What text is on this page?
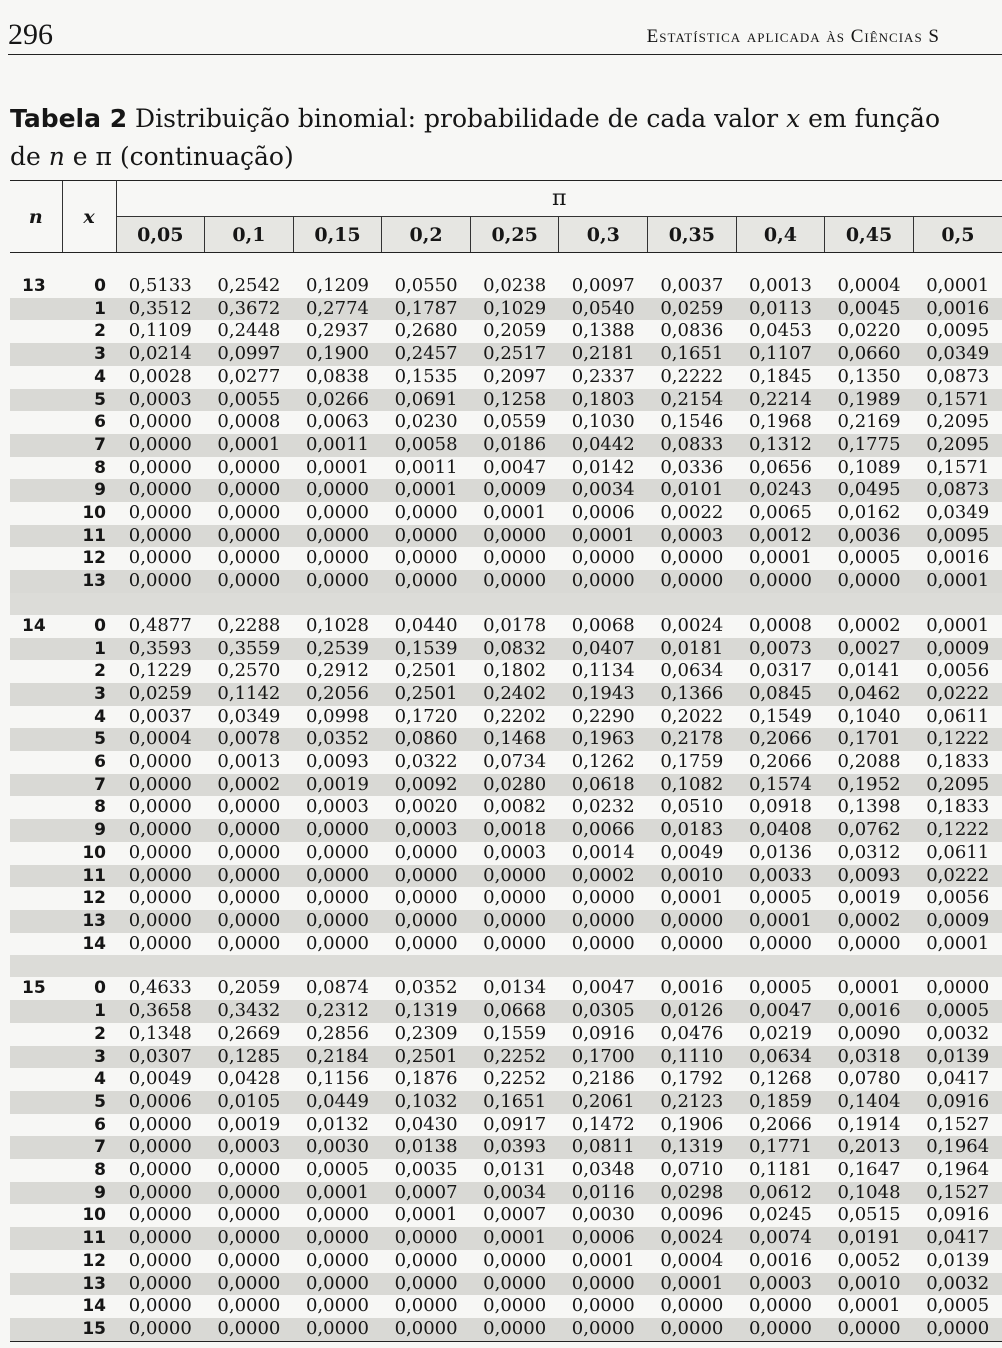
296	Estatística aplicada às Ciências S
Tabela 2 Distribuição binomial: probabilidade de cada valor x em função
de n e π (continuação)
n	x	π									
		0,05	0,1	0,15	0,2	0,25	0,3	0,35	0,4	0,45	0,5

13	0	0,5133	0,2542	0,1209	0,0550	0,0238	0,0097	0,0037	0,0013	0,0004	0,0001
	1	0,3512	0,3672	0,2774	0,1787	0,1029	0,0540	0,0259	0,0113	0,0045	0,0016
	2	0,1109	0,2448	0,2937	0,2680	0,2059	0,1388	0,0836	0,0453	0,0220	0,0095
	3	0,0214	0,0997	0,1900	0,2457	0,2517	0,2181	0,1651	0,1107	0,0660	0,0349
	4	0,0028	0,0277	0,0838	0,1535	0,2097	0,2337	0,2222	0,1845	0,1350	0,0873
	5	0,0003	0,0055	0,0266	0,0691	0,1258	0,1803	0,2154	0,2214	0,1989	0,1571
	6	0,0000	0,0008	0,0063	0,0230	0,0559	0,1030	0,1546	0,1968	0,2169	0,2095
	7	0,0000	0,0001	0,0011	0,0058	0,0186	0,0442	0,0833	0,1312	0,1775	0,2095
	8	0,0000	0,0000	0,0001	0,0011	0,0047	0,0142	0,0336	0,0656	0,1089	0,1571
	9	0,0000	0,0000	0,0000	0,0001	0,0009	0,0034	0,0101	0,0243	0,0495	0,0873
	10	0,0000	0,0000	0,0000	0,0000	0,0001	0,0006	0,0022	0,0065	0,0162	0,0349
	11	0,0000	0,0000	0,0000	0,0000	0,0000	0,0001	0,0003	0,0012	0,0036	0,0095
	12	0,0000	0,0000	0,0000	0,0000	0,0000	0,0000	0,0000	0,0001	0,0005	0,0016
	13	0,0000	0,0000	0,0000	0,0000	0,0000	0,0000	0,0000	0,0000	0,0000	0,0001

14	0	0,4877	0,2288	0,1028	0,0440	0,0178	0,0068	0,0024	0,0008	0,0002	0,0001
	1	0,3593	0,3559	0,2539	0,1539	0,0832	0,0407	0,0181	0,0073	0,0027	0,0009
	2	0,1229	0,2570	0,2912	0,2501	0,1802	0,1134	0,0634	0,0317	0,0141	0,0056
	3	0,0259	0,1142	0,2056	0,2501	0,2402	0,1943	0,1366	0,0845	0,0462	0,0222
	4	0,0037	0,0349	0,0998	0,1720	0,2202	0,2290	0,2022	0,1549	0,1040	0,0611
	5	0,0004	0,0078	0,0352	0,0860	0,1468	0,1963	0,2178	0,2066	0,1701	0,1222
	6	0,0000	0,0013	0,0093	0,0322	0,0734	0,1262	0,1759	0,2066	0,2088	0,1833
	7	0,0000	0,0002	0,0019	0,0092	0,0280	0,0618	0,1082	0,1574	0,1952	0,2095
	8	0,0000	0,0000	0,0003	0,0020	0,0082	0,0232	0,0510	0,0918	0,1398	0,1833
	9	0,0000	0,0000	0,0000	0,0003	0,0018	0,0066	0,0183	0,0408	0,0762	0,1222
	10	0,0000	0,0000	0,0000	0,0000	0,0003	0,0014	0,0049	0,0136	0,0312	0,0611
	11	0,0000	0,0000	0,0000	0,0000	0,0000	0,0002	0,0010	0,0033	0,0093	0,0222
	12	0,0000	0,0000	0,0000	0,0000	0,0000	0,0000	0,0001	0,0005	0,0019	0,0056
	13	0,0000	0,0000	0,0000	0,0000	0,0000	0,0000	0,0000	0,0001	0,0002	0,0009
	14	0,0000	0,0000	0,0000	0,0000	0,0000	0,0000	0,0000	0,0000	0,0000	0,0001

15	0	0,4633	0,2059	0,0874	0,0352	0,0134	0,0047	0,0016	0,0005	0,0001	0,0000
	1	0,3658	0,3432	0,2312	0,1319	0,0668	0,0305	0,0126	0,0047	0,0016	0,0005
	2	0,1348	0,2669	0,2856	0,2309	0,1559	0,0916	0,0476	0,0219	0,0090	0,0032
	3	0,0307	0,1285	0,2184	0,2501	0,2252	0,1700	0,1110	0,0634	0,0318	0,0139
	4	0,0049	0,0428	0,1156	0,1876	0,2252	0,2186	0,1792	0,1268	0,0780	0,0417
	5	0,0006	0,0105	0,0449	0,1032	0,1651	0,2061	0,2123	0,1859	0,1404	0,0916
	6	0,0000	0,0019	0,0132	0,0430	0,0917	0,1472	0,1906	0,2066	0,1914	0,1527
	7	0,0000	0,0003	0,0030	0,0138	0,0393	0,0811	0,1319	0,1771	0,2013	0,1964
	8	0,0000	0,0000	0,0005	0,0035	0,0131	0,0348	0,0710	0,1181	0,1647	0,1964
	9	0,0000	0,0000	0,0001	0,0007	0,0034	0,0116	0,0298	0,0612	0,1048	0,1527
	10	0,0000	0,0000	0,0000	0,0001	0,0007	0,0030	0,0096	0,0245	0,0515	0,0916
	11	0,0000	0,0000	0,0000	0,0000	0,0001	0,0006	0,0024	0,0074	0,0191	0,0417
	12	0,0000	0,0000	0,0000	0,0000	0,0000	0,0001	0,0004	0,0016	0,0052	0,0139
	13	0,0000	0,0000	0,0000	0,0000	0,0000	0,0000	0,0001	0,0003	0,0010	0,0032
	14	0,0000	0,0000	0,0000	0,0000	0,0000	0,0000	0,0000	0,0000	0,0001	0,0005
	15	0,0000	0,0000	0,0000	0,0000	0,0000	0,0000	0,0000	0,0000	0,0000	0,0000
